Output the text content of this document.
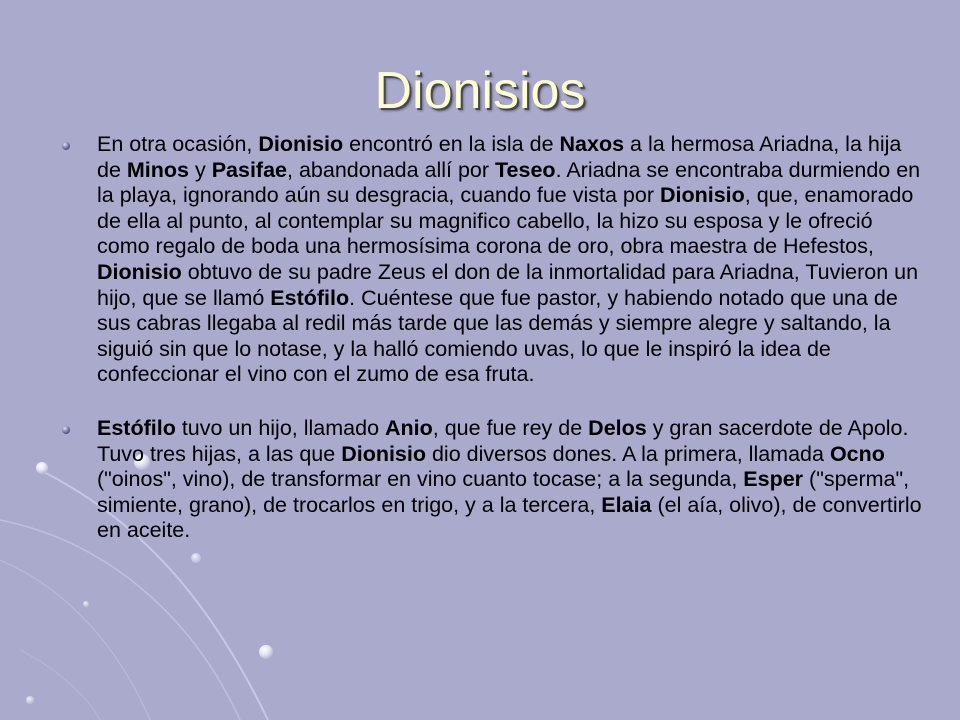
Dionisios

En otra ocasión, Dionisio encontró en la isla de Naxos a la hermosa Ariadna, la hija de Minos y Pasifae, abandonada allí por Teseo. Ariadna se encontraba durmiendo en la playa, ignorando aún su desgracia, cuando fue vista por Dionisio, que, enamorado de ella al punto, al contemplar su magnifico cabello, la hizo su esposa y le ofreció como regalo de boda una hermosísima corona de oro, obra maestra de Hefestos, Dionisio obtuvo de su padre Zeus el don de la inmortalidad para Ariadna, Tuvieron un hijo, que se llamó Estófilo. Cuéntese que fue pastor, y habiendo notado que una de sus cabras llegaba al redil más tarde que las demás y siempre alegre y saltando, la siguió sin que lo notase, y la halló comiendo uvas, lo que le inspiró la idea de confeccionar el vino con el zumo de esa fruta.

Estófilo tuvo un hijo, llamado Anio, que fue rey de Delos y gran sacerdote de Apolo. Tuvo tres hijas, a las que Dionisio dio diversos dones. A la primera, llamada Ocno ("oinos", vino), de transformar en vino cuanto tocase; a la segunda, Esper ("sperma", simiente, grano), de trocarlos en trigo, y a la tercera, Elaia (el aía, olivo), de convertirlo en aceite.
